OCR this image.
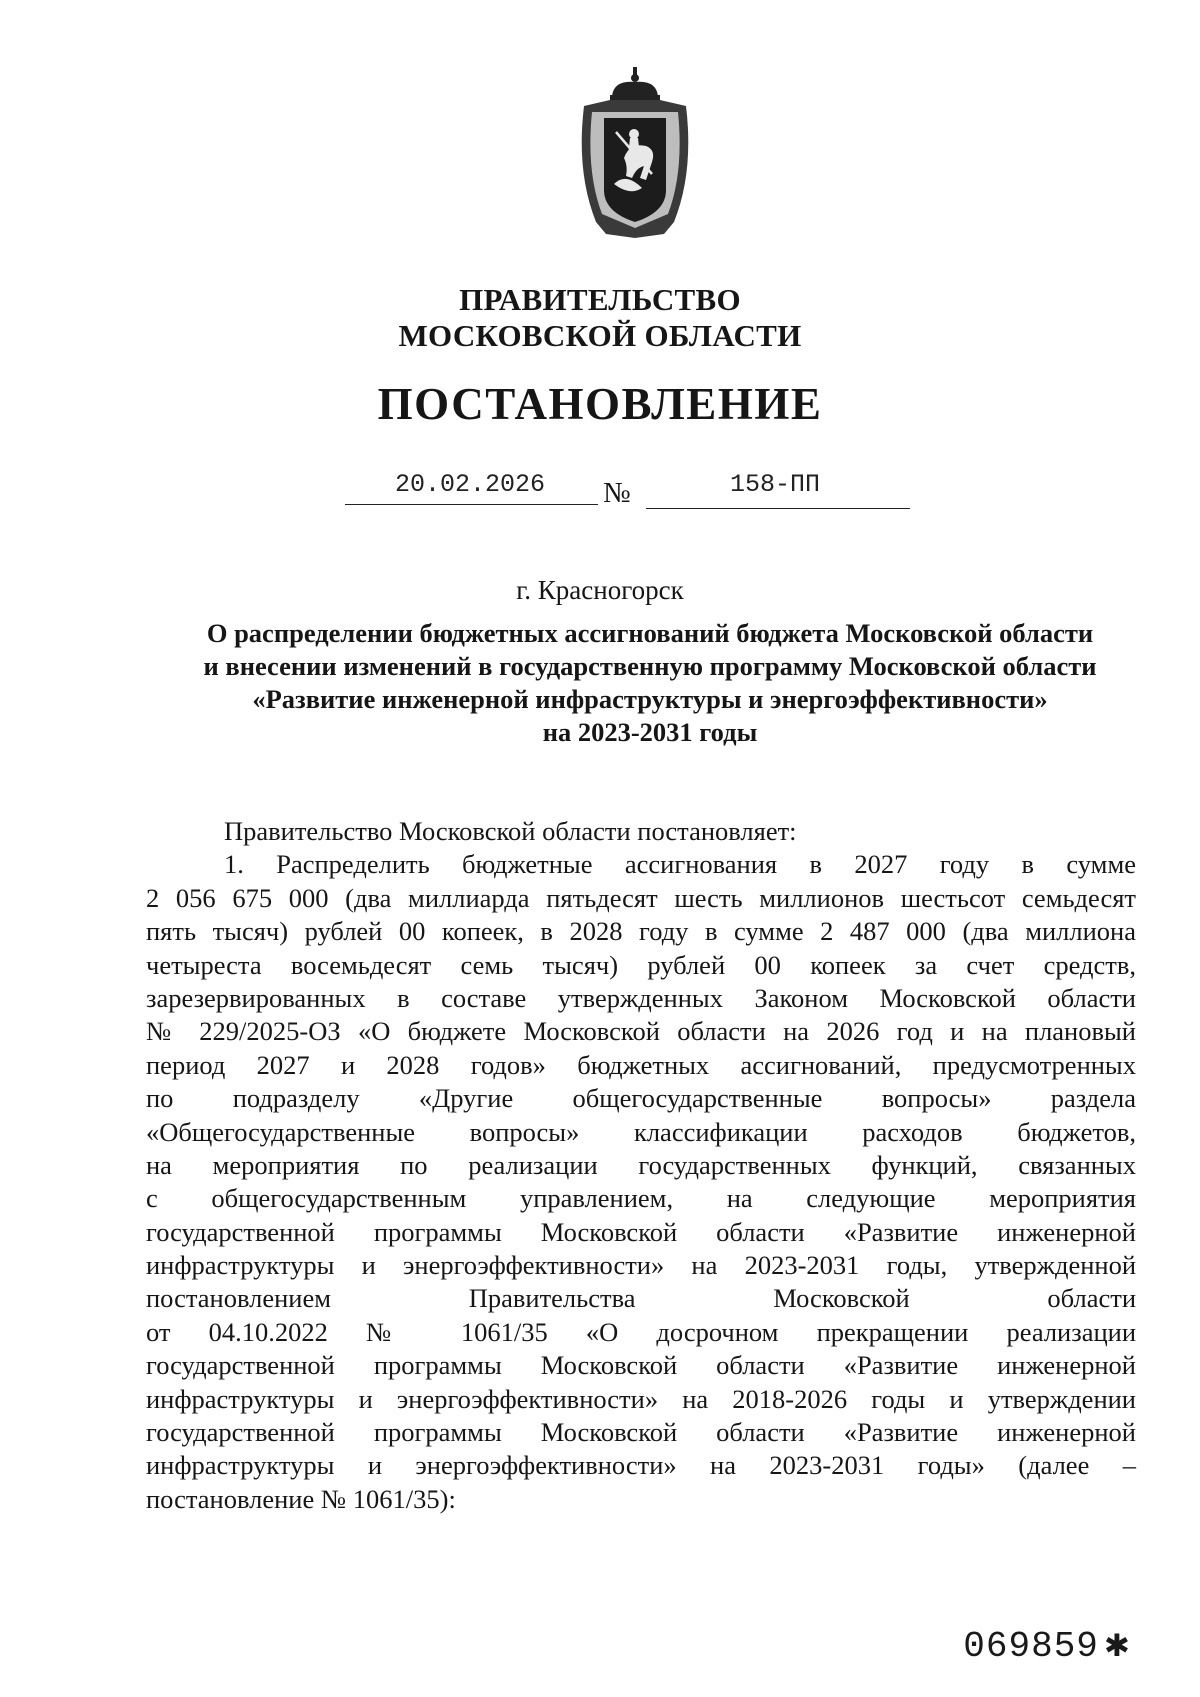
ПРАВИТЕЛЬСТВО
МОСКОВСКОЙ ОБЛАСТИ
ПОСТАНОВЛЕНИЕ
20.02.2026	№	158-ПП
г. Красногорск
О распределении бюджетных ассигнований бюджета Московской области
и внесении изменений в государственную программу Московской области
«Развитие инженерной инфраструктуры и энергоэффективности»
на 2023-2031 годы
Правительство Московской области постановляет:
1. Распределить бюджетные ассигнования в 2027 году в сумме
2 056 675 000 (два миллиарда пятьдесят шесть миллионов шестьсот семьдесят
пять тысяч) рублей 00 копеек, в 2028 году в сумме 2 487 000 (два миллиона
четыреста восемьдесят семь тысяч) рублей 00 копеек за счет средств,
зарезервированных в составе утвержденных Законом Московской области
№ 229/2025-ОЗ «О бюджете Московской области на 2026 год и на плановый
период 2027 и 2028 годов» бюджетных ассигнований, предусмотренных
по подразделу «Другие общегосударственные вопросы» раздела
«Общегосударственные вопросы» классификации расходов бюджетов,
на мероприятия по реализации государственных функций, связанных
с общегосударственным управлением, на следующие мероприятия
государственной программы Московской области «Развитие инженерной
инфраструктуры и энергоэффективности» на 2023-2031 годы, утвержденной
постановлением Правительства Московской области
от 04.10.2022 № 1061/35 «О досрочном прекращении реализации
государственной программы Московской области «Развитие инженерной
инфраструктуры и энергоэффективности» на 2018-2026 годы и утверждении
государственной программы Московской области «Развитие инженерной
инфраструктуры и энергоэффективности» на 2023-2031 годы» (далее –
постановление № 1061/35):
069859 ✱
